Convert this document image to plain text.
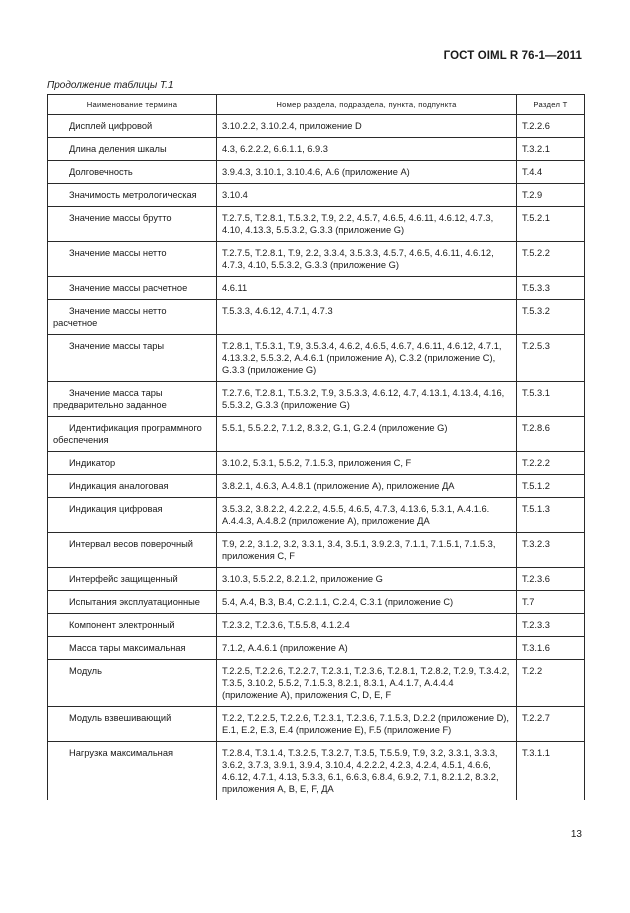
ГОСТ OIML R 76-1—2011
Продолжение таблицы Т.1
Наименование термина	Номер раздела, подраздела, пункта, подпункта	Раздел Т
Дисплей цифровой	3.10.2.2, 3.10.2.4, приложение D	Т.2.2.6
Длина деления шкалы	4.3, 6.2.2.2, 6.6.1.1, 6.9.3	Т.3.2.1
Долговечность	3.9.4.3, 3.10.1, 3.10.4.6, А.6 (приложение А)	Т.4.4
Значимость метрологическая	3.10.4	Т.2.9
Значение массы брутто	Т.2.7.5, Т.2.8.1, Т.5.3.2, Т.9, 2.2, 4.5.7, 4.6.5, 4.6.11, 4.6.12, 4.7.3, 4.10, 4.13.3, 5.5.3.2, G.3.3 (приложение G)	Т.5.2.1
Значение массы нетто	Т.2.7.5, Т.2.8.1, Т.9, 2.2, 3.3.4, 3.5.3.3, 4.5.7, 4.6.5, 4.6.11, 4.6.12, 4.7.3, 4.10, 5.5.3.2, G.3.3 (приложение G)	Т.5.2.2
Значение массы расчетное	4.6.11	Т.5.3.3
Значение массы нетто расчетное	Т.5.3.3, 4.6.12, 4.7.1, 4.7.3	Т.5.3.2
Значение массы тары	Т.2.8.1, Т.5.3.1, Т.9, 3.5.3.4, 4.6.2, 4.6.5, 4.6.7, 4.6.11, 4.6.12, 4.7.1, 4.13.3.2, 5.5.3.2, А.4.6.1 (приложение А), С.3.2 (приложение С), G.3.3 (приложение G)	Т.2.5.3
Значение масса тары предварительно заданное	Т.2.7.6, Т.2.8.1, Т.5.3.2, Т.9, 3.5.3.3, 4.6.12, 4.7, 4.13.1, 4.13.4, 4.16, 5.5.3.2, G.3.3 (приложение G)	Т.5.3.1
Идентификация программного обеспечения	5.5.1, 5.5.2.2, 7.1.2, 8.3.2, G.1, G.2.4 (приложение G)	Т.2.8.6
Индикатор	3.10.2, 5.3.1, 5.5.2, 7.1.5.3, приложения С, F	Т.2.2.2
Индикация аналоговая	3.8.2.1, 4.6.3, А.4.8.1 (приложение А), приложение ДА	Т.5.1.2
Индикация цифровая	3.5.3.2, 3.8.2.2, 4.2.2.2, 4.5.5, 4.6.5, 4.7.3, 4.13.6, 5.3.1, А.4.1.6. А.4.4.3, А.4.8.2 (приложение А), приложение ДА	Т.5.1.3
Интервал весов поверочный	Т.9, 2.2, 3.1.2, 3.2, 3.3.1, 3.4, 3.5.1, 3.9.2.3, 7.1.1, 7.1.5.1, 7.1.5.3, приложения С, F	Т.3.2.3
Интерфейс защищенный	3.10.3, 5.5.2.2, 8.2.1.2, приложение G	Т.2.3.6
Испытания эксплуатационные	5.4, А.4, В.3, В.4, С.2.1.1, С.2.4, С.3.1 (приложение С)	Т.7
Компонент электронный	Т.2.3.2, Т.2.3.6, Т.5.5.8, 4.1.2.4	Т.2.3.3
Масса тары максимальная	7.1.2, А.4.6.1 (приложение А)	Т.3.1.6
Модуль	Т.2.2.5, Т.2.2.6, Т.2.2.7, Т.2.3.1, Т.2.3.6, Т.2.8.1, Т.2.8.2, Т.2.9, Т.3.4.2, Т.3.5, 3.10.2, 5.5.2, 7.1.5.3, 8.2.1, 8.3.1, А.4.1.7, А.4.4.4 (приложение А), приложения С, D, E, F	Т.2.2
Модуль взвешивающий	Т.2.2, Т.2.2.5, Т.2.2.6, Т.2.3.1, Т.2.3.6, 7.1.5.3, D.2.2 (приложение D), Е.1, Е.2, Е.3, Е.4 (приложение Е), F.5 (приложение F)	Т.2.2.7
Нагрузка максимальная	Т.2.8.4, Т.3.1.4, Т.3.2.5, Т.3.2.7, Т.3.5, Т.5.5.9, Т.9, 3.2, 3.3.1, 3.3.3, 3.6.2, 3.7.3, 3.9.1, 3.9.4, 3.10.4, 4.2.2.2, 4.2.3, 4.2.4, 4.5.1, 4.6.6, 4.6.12, 4.7.1, 4.13, 5.3.3, 6.1, 6.6.3, 6.8.4, 6.9.2, 7.1, 8.2.1.2, 8.3.2, приложения А, В, Е, F, ДА	Т.3.1.1
13
